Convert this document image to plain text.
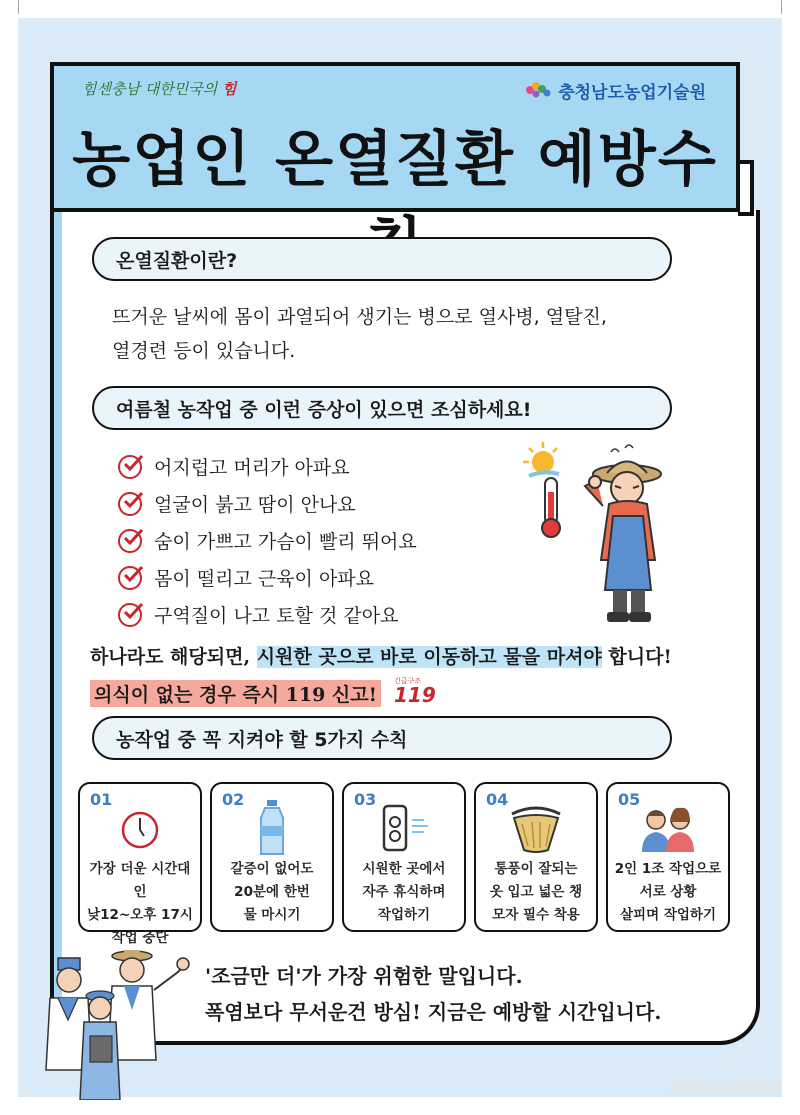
힘센충남 대한민국의 힘	충청남도농업기술원
농업인 온열질환 예방수
온열질환이란?
뜨거운 날씨에 몸이 과열되어 생기는 병으로 열사병, 열탈진,
열경련 등이 있습니다.
여름철 농작업 중 이런 증상이 있으면 조심하세요!
어지럽고 머리가 아파요
얼굴이 붉고 땀이 안나요
숨이 가쁘고 가슴이 빨리 뛰어요
몸이 떨리고 근육이 아파요
구역질이 나고 토할 것 같아요
하나라도 해당되면, 시원한 곳으로 바로 이동하고 물을 마셔야 합니다!
의식이 없는 경우 즉시 119 신고!
긴급구조
119
농작업 중 꼭 지켜야 할 5가지 수칙
01
가장 더운 시간대인
낮12~오후 17시
작업 중단
02
갈증이 없어도
20분에 한번
물 마시기
03
시원한 곳에서
자주 휴식하며
작업하기
04
통풍이 잘되는
옷 입고 넓은 챙
모자 필수 착용
05
2인 1조 작업으로
서로 상황
살피며 작업하기
'조금만 더'가 가장 위험한 말입니다.
폭염보다 무서운건 방심! 지금은 예방할 시간입니다.
KUKI NEWS
